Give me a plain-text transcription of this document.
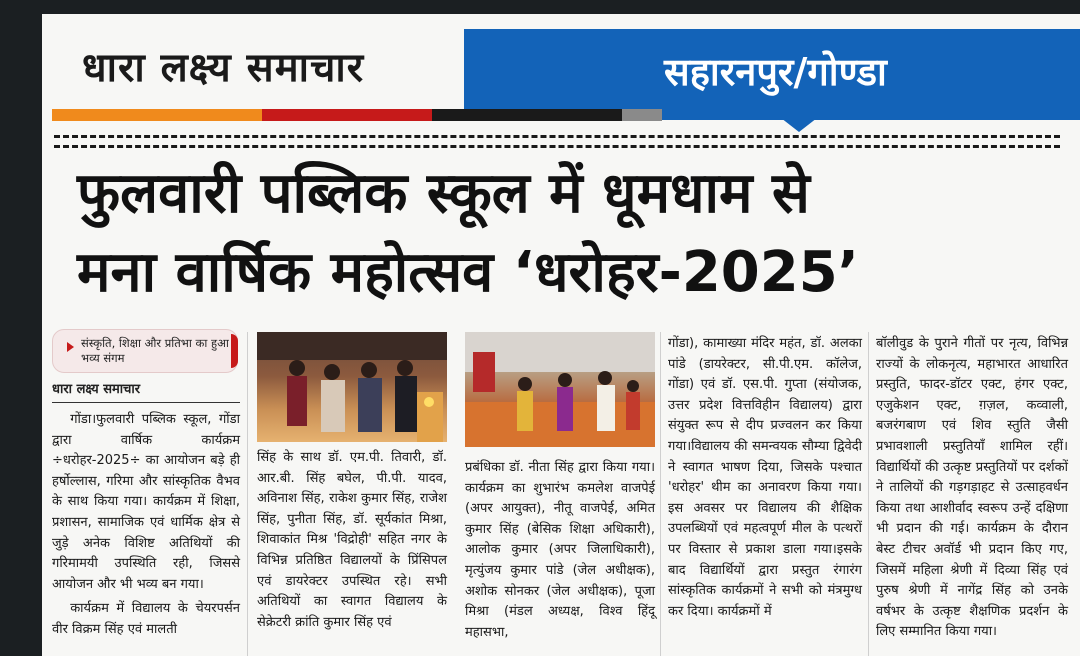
धारा लक्ष्य समाचार	सहारनपुर/गोण्डा
फुलवारी पब्लिक स्कूल में धूमधाम से
मना वार्षिक महोत्सव ‘धरोहर-2025’
संस्कृति, शिक्षा और प्रतिभा का हुआ भव्य संगम
धारा लक्ष्य समाचार

गोंडा।फुलवारी पब्लिक स्कूल, गोंडा द्वारा वार्षिक कार्यक्रम ÷धरोहर-2025÷ का आयोजन बड़े ही हर्षोल्लास, गरिमा और सांस्कृतिक वैभव के साथ किया गया। कार्यक्रम में शिक्षा, प्रशासन, सामाजिक एवं धार्मिक क्षेत्र से जुड़े अनेक विशिष्ट अतिथियों की गरिमामयी उपस्थिति रही, जिससे आयोजन और भी भव्य बन गया।

कार्यक्रम में विद्यालय के चेयरपर्सन वीर विक्रम सिंह एवं मालती

सिंह के साथ डॉ. एम.पी. तिवारी, डॉ. आर.बी. सिंह बघेल, पी.पी. यादव, अविनाश सिंह, राकेश कुमार सिंह, राजेश सिंह, पुनीता सिंह, डॉ. सूर्यकांत मिश्रा, शिवाकांत मिश्र 'विद्रोही' सहित नगर के विभिन्न प्रतिष्ठित विद्यालयों के प्रिंसिपल एवं डायरेक्टर उपस्थित रहे। सभी अतिथियों का स्वागत विद्यालय के सेक्रेटरी क्रांति कुमार सिंह एवं

प्रबंधिका डॉ. नीता सिंह द्वारा किया गया। कार्यक्रम का शुभारंभ कमलेश वाजपेई (अपर आयुक्त), नीतू वाजपेई, अमित कुमार सिंह (बेसिक शिक्षा अधिकारी), आलोक कुमार (अपर जिलाधिकारी), मृत्युंजय कुमार पांडे (जेल अधीक्षक), अशोक सोनकर (जेल अधीक्षक), पूजा मिश्रा (मंडल अध्यक्ष, विश्व हिंदू महासभा,

गोंडा), कामाख्या मंदिर महंत, डॉ. अलका पांडे (डायरेक्टर, सी.पी.एम. कॉलेज, गोंडा) एवं डॉ. एस.पी. गुप्ता (संयोजक, उत्तर प्रदेश वित्तविहीन विद्यालय) द्वारा संयुक्त रूप से दीप प्रज्वलन कर किया गया।विद्यालय की समन्वयक सौम्या द्विवेदी ने स्वागत भाषण दिया, जिसके पश्चात 'धरोहर' थीम का अनावरण किया गया। इस अवसर पर विद्यालय की शैक्षिक उपलब्धियों एवं महत्वपूर्ण मील के पत्थरों पर विस्तार से प्रकाश डाला गया।इसके बाद विद्यार्थियों द्वारा प्रस्तुत रंगारंग सांस्कृतिक कार्यक्रमों ने सभी को मंत्रमुग्ध कर दिया। कार्यक्रमों में

बॉलीवुड के पुराने गीतों पर नृत्य, विभिन्न राज्यों के लोकनृत्य, महाभारत आधारित प्रस्तुति, फादर-डॉटर एक्ट, हंगर एक्ट, एजुकेशन एक्ट, ग़ज़ल, कव्वाली, बजरंगबाण एवं शिव स्तुति जैसी प्रभावशाली प्रस्तुतियाँ शामिल रहीं। विद्यार्थियों की उत्कृष्ट प्रस्तुतियों पर दर्शकों ने तालियों की गड़गड़ाहट से उत्साहवर्धन किया तथा आशीर्वाद स्वरूप उन्हें दक्षिणा भी प्रदान की गई। कार्यक्रम के दौरान बेस्ट टीचर अवॉर्ड भी प्रदान किए गए, जिसमें महिला श्रेणी में दिव्या सिंह एवं पुरुष श्रेणी में नागेंद्र सिंह को उनके वर्षभर के उत्कृष्ट शैक्षणिक प्रदर्शन के लिए सम्मानित किया गया।
